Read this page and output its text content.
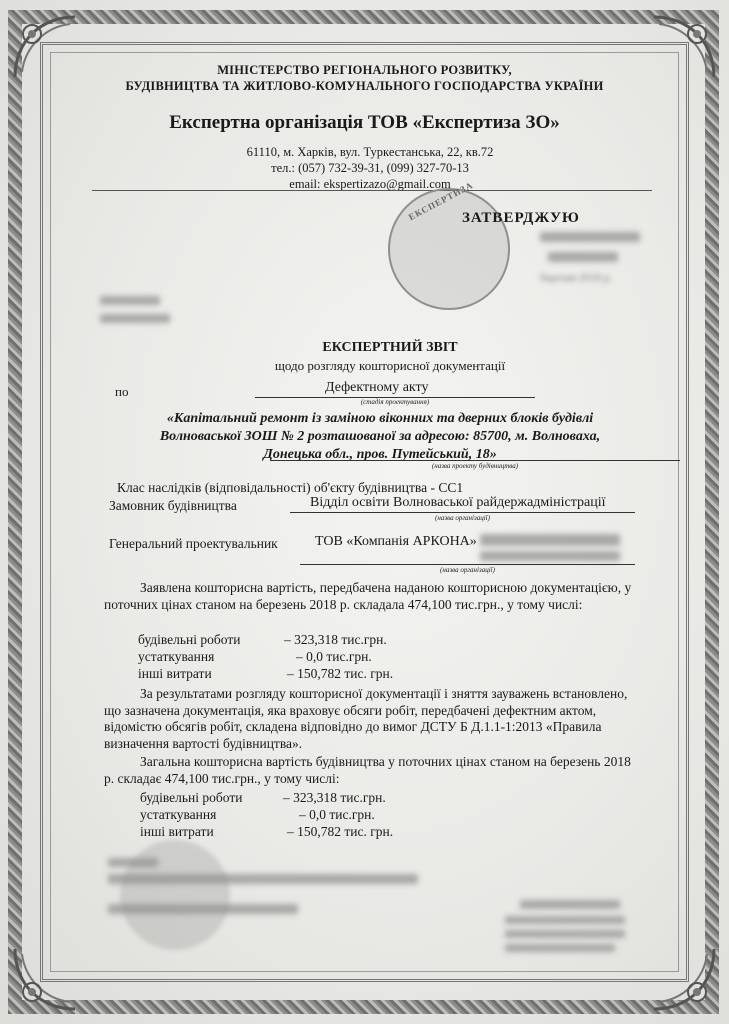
МІНІСТЕРСТВО РЕГІОНАЛЬНОГО РОЗВИТКУ,
БУДІВНИЦТВА ТА ЖИТЛОВО-КОМУНАЛЬНОГО ГОСПОДАРСТВА УКРАЇНИ
Експертна організація ТОВ «Експертиза ЗО»
61110, м. Харків, вул. Туркестанська, 22, кв.72
тел.: (057) 732-39-31, (099) 327-70-13
email: ekspertizazo@gmail.com
ЕКСПЕРТИЗА
ЗАТВЕРДЖУЮ
березня 2018 р.
ЕКСПЕРТНИЙ ЗВІТ
щодо розгляду кошторисної документації
по	Дефектному акту
(стадія проектування)
«Капітальний ремонт із заміною віконних та дверних блоків будівлі
Волноваської ЗОШ № 2 розташованої за адресою: 85700, м. Волноваха,
Донецька обл., пров. Путейський, 18»
(назва проекту будівництва)
Клас наслідків (відповідальності) об'єкту будівництва - СС1
Замовник будівництва	Відділ освіти Волноваської райдержадміністрації
(назва організації)
Генеральний проектувальник	ТОВ «Компанія АРКОНА»
(назва організації)
Заявлена кошторисна вартість, передбачена наданою кошторисною документацією, у поточних цінах станом на березень 2018 р. складала 474,100 тис.грн., у тому числі:
будівельні роботи	– 323,318 тис.грн.
устаткування	– 0,0 тис.грн.
інші витрати	– 150,782 тис. грн.
За результатами розгляду кошторисної документації і зняття зауважень встановлено, що зазначена документація, яка враховує обсяги робіт, передбачені дефектним актом, відомістю обсягів робіт, складена відповідно до вимог ДСТУ Б Д.1.1-1:2013 «Правила визначення вартості будівництва».
Загальна кошторисна вартість будівництва у поточних цінах станом на березень 2018 р. складає 474,100 тис.грн., у тому числі:
будівельні роботи	– 323,318 тис.грн.
устаткування	– 0,0 тис.грн.
інші витрати	– 150,782 тис. грн.
